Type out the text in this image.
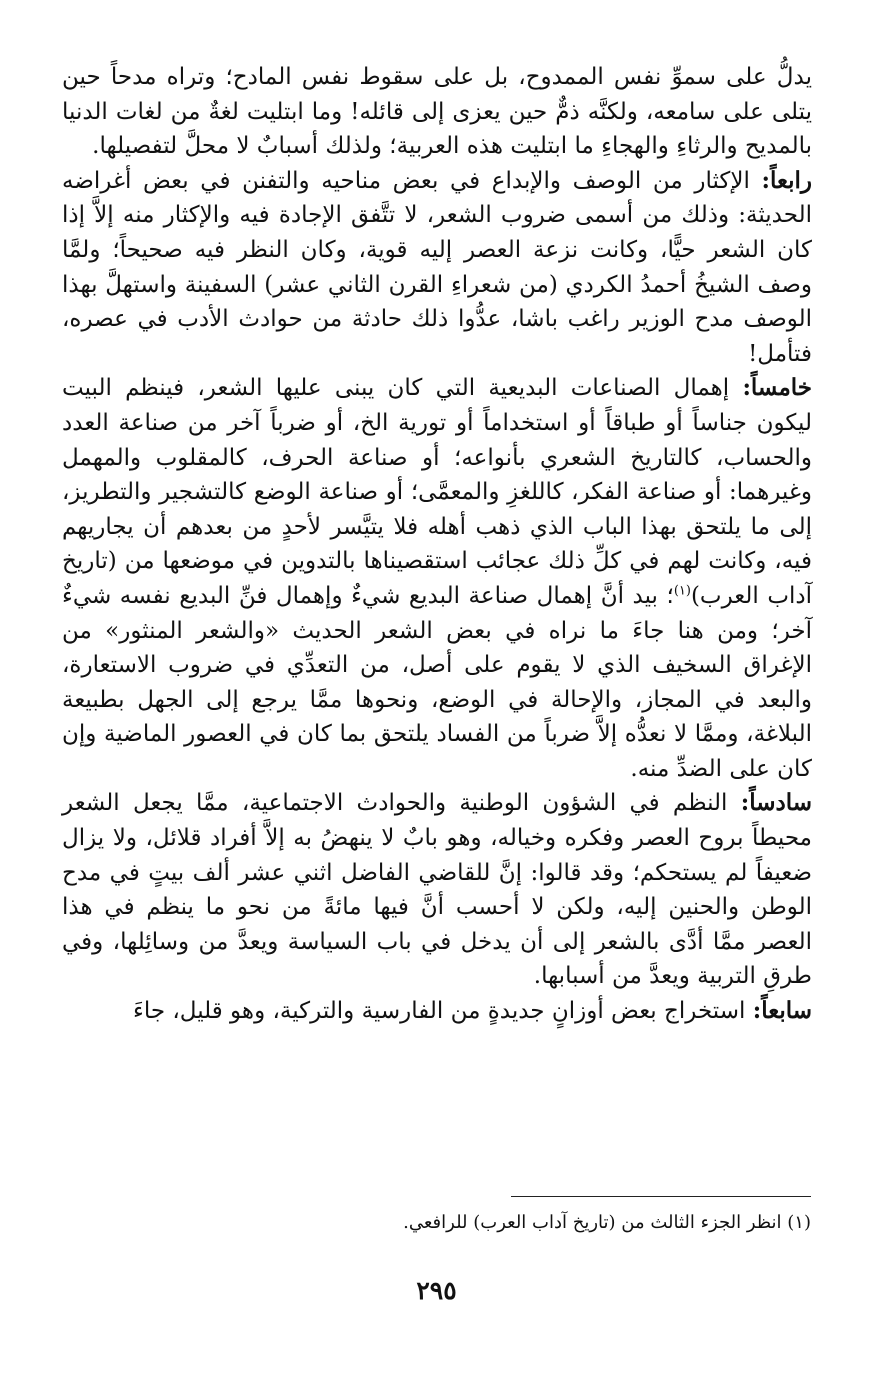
يدلُّ على سموِّ نفس الممدوح، بل على سقوط نفس المادح؛ وتراه مدحاً حين يتلى على سامعه، ولكنَّه ذمٌّ حين يعزى إلى قائله! وما ابتليت لغةٌ من لغات الدنيا بالمديح والرثاءِ والهجاءِ ما ابتليت هذه العربية؛ ولذلك أسبابٌ لا محلَّ لتفصيلها.

رابعاً: الإكثار من الوصف والإبداع في بعض مناحيه والتفنن في بعض أغراضه الحديثة: وذلك من أسمى ضروب الشعر، لا تتَّفق الإجادة فيه والإكثار منه إلاَّ إذا كان الشعر حيًّا، وكانت نزعة العصر إليه قوية، وكان النظر فيه صحيحاً؛ ولمَّا وصف الشيخُ أحمدُ الكردي (من شعراءِ القرن الثاني عشر) السفينة واستهلَّ بهذا الوصف مدح الوزير راغب باشا، عدُّوا ذلك حادثة من حوادث الأدب في عصره، فتأمل!

خامساً: إهمال الصناعات البديعية التي كان يبنى عليها الشعر، فينظم البيت ليكون جناساً أو طباقاً أو استخداماً أو تورية الخ، أو ضرباً آخر من صناعة العدد والحساب، كالتاريخ الشعري بأنواعه؛ أو صناعة الحرف، كالمقلوب والمهمل وغيرهما: أو صناعة الفكر، كاللغزِ والمعمَّى؛ أو صناعة الوضع كالتشجير والتطريز، إلى ما يلتحق بهذا الباب الذي ذهب أهله فلا يتيَّسر لأحدٍ من بعدهم أن يجاريهم فيه، وكانت لهم في كلِّ ذلك عجائب استقصيناها بالتدوين في موضعها من (تاريخ آداب العرب)$^{(١)}$؛ بيد أنَّ إهمال صناعة البديع شيءٌ وإهمال فنِّ البديع نفسه شيءٌ آخر؛ ومن هنا جاءَ ما نراه في بعض الشعر الحديث «والشعر المنثور» من الإغراق السخيف الذي لا يقوم على أصل، من التعدِّي في ضروب الاستعارة، والبعد في المجاز، والإحالة في الوضع، ونحوها ممَّا يرجع إلى الجهل بطبيعة البلاغة، وممَّا لا نعدُّه إلاَّ ضرباً من الفساد يلتحق بما كان في العصور الماضية وإن كان على الضدِّ منه.

سادساً: النظم في الشؤون الوطنية والحوادث الاجتماعية، ممَّا يجعل الشعر محيطاً بروح العصر وفكره وخياله، وهو بابٌ لا ينهضُ به إلاَّ أفراد قلائل، ولا يزال ضعيفاً لم يستحكم؛ وقد قالوا: إنَّ للقاضي الفاضل اثني عشر ألف بيتٍ في مدح الوطن والحنين إليه، ولكن لا أحسب أنَّ فيها مائةً من نحو ما ينظم في هذا العصر ممَّا أدَّى بالشعر إلى أن يدخل في باب السياسة ويعدَّ من وسائِلها، وفي طرقِ التربية ويعدَّ من أسبابها.

سابعاً: استخراج بعض أوزانٍ جديدةٍ من الفارسية والتركية، وهو قليل، جاءَ

(١) انظر الجزء الثالث من (تاريخ آداب العرب) للرافعي.
٢٩٥
